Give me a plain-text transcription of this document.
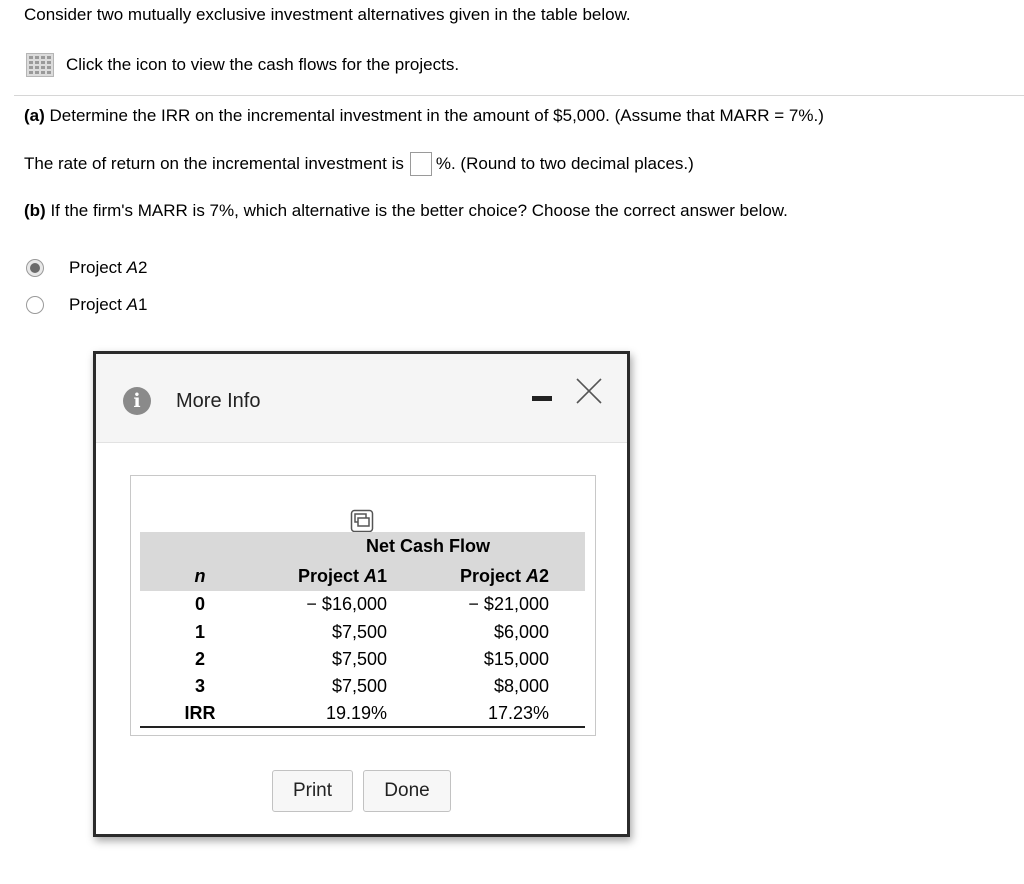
Consider two mutually exclusive investment alternatives given in the table below.
Click the icon to view the cash flows for the projects.
(a) Determine the IRR on the incremental investment in the amount of $5,000. (Assume that MARR = 7%.)
The rate of return on the incremental investment is %. (Round to two decimal places.)
(b) If the firm's MARR is 7%, which alternative is the better choice? Choose the correct answer below.
Project A2
Project A1
i	More Info
Net Cash Flow
n	Project A1	Project A2
0	− $16,000	− $21,000
1	$7,500	$6,000
2	$7,500	$15,000
3	$7,500	$8,000
IRR	19.19%	17.23%
Print	Done
